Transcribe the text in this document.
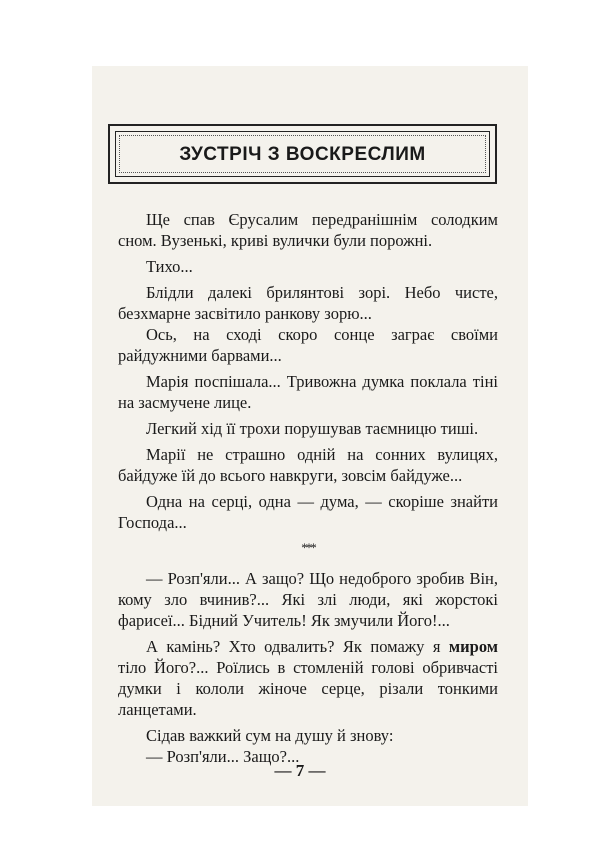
ЗУСТРІЧ З ВОСКРЕСЛИМ

Ще спав Єрусалим передранішнім солодким сном. Вузенькі, криві вулички були порожні.

Тихо...

Блідли далекі брилянтові зорі. Небо чисте, безхмарне засвітило ранкову зорю...

Ось, на сході скоро сонце заграє своїми райдужними барвами...

Марія поспішала... Тривожна думка поклала тіні на засмучене лице.

Легкий хід її трохи порушував таємницю тиші.

Марії не страшно одній на сонних вулицях, байдуже їй до всього навкруги, зовсім байдуже...

Одна на серці, одна — дума, — скоріше знайти Господа...

***

— Розп'яли... А защо? Що недоброго зробив Він, кому зло вчинив?... Які злі люди, які жорстокі фарисеї... Бідний Учитель! Як змучили Його!...

А камінь? Хто одвалить? Як помажу я миром тіло Його?... Роїлись в стомленій голові обривчасті думки і кололи жіноче серце, різали тонкими ланцетами.

Сідав важкий сум на душу й знову:

— Розп'яли... Защо?...

— 7 —
